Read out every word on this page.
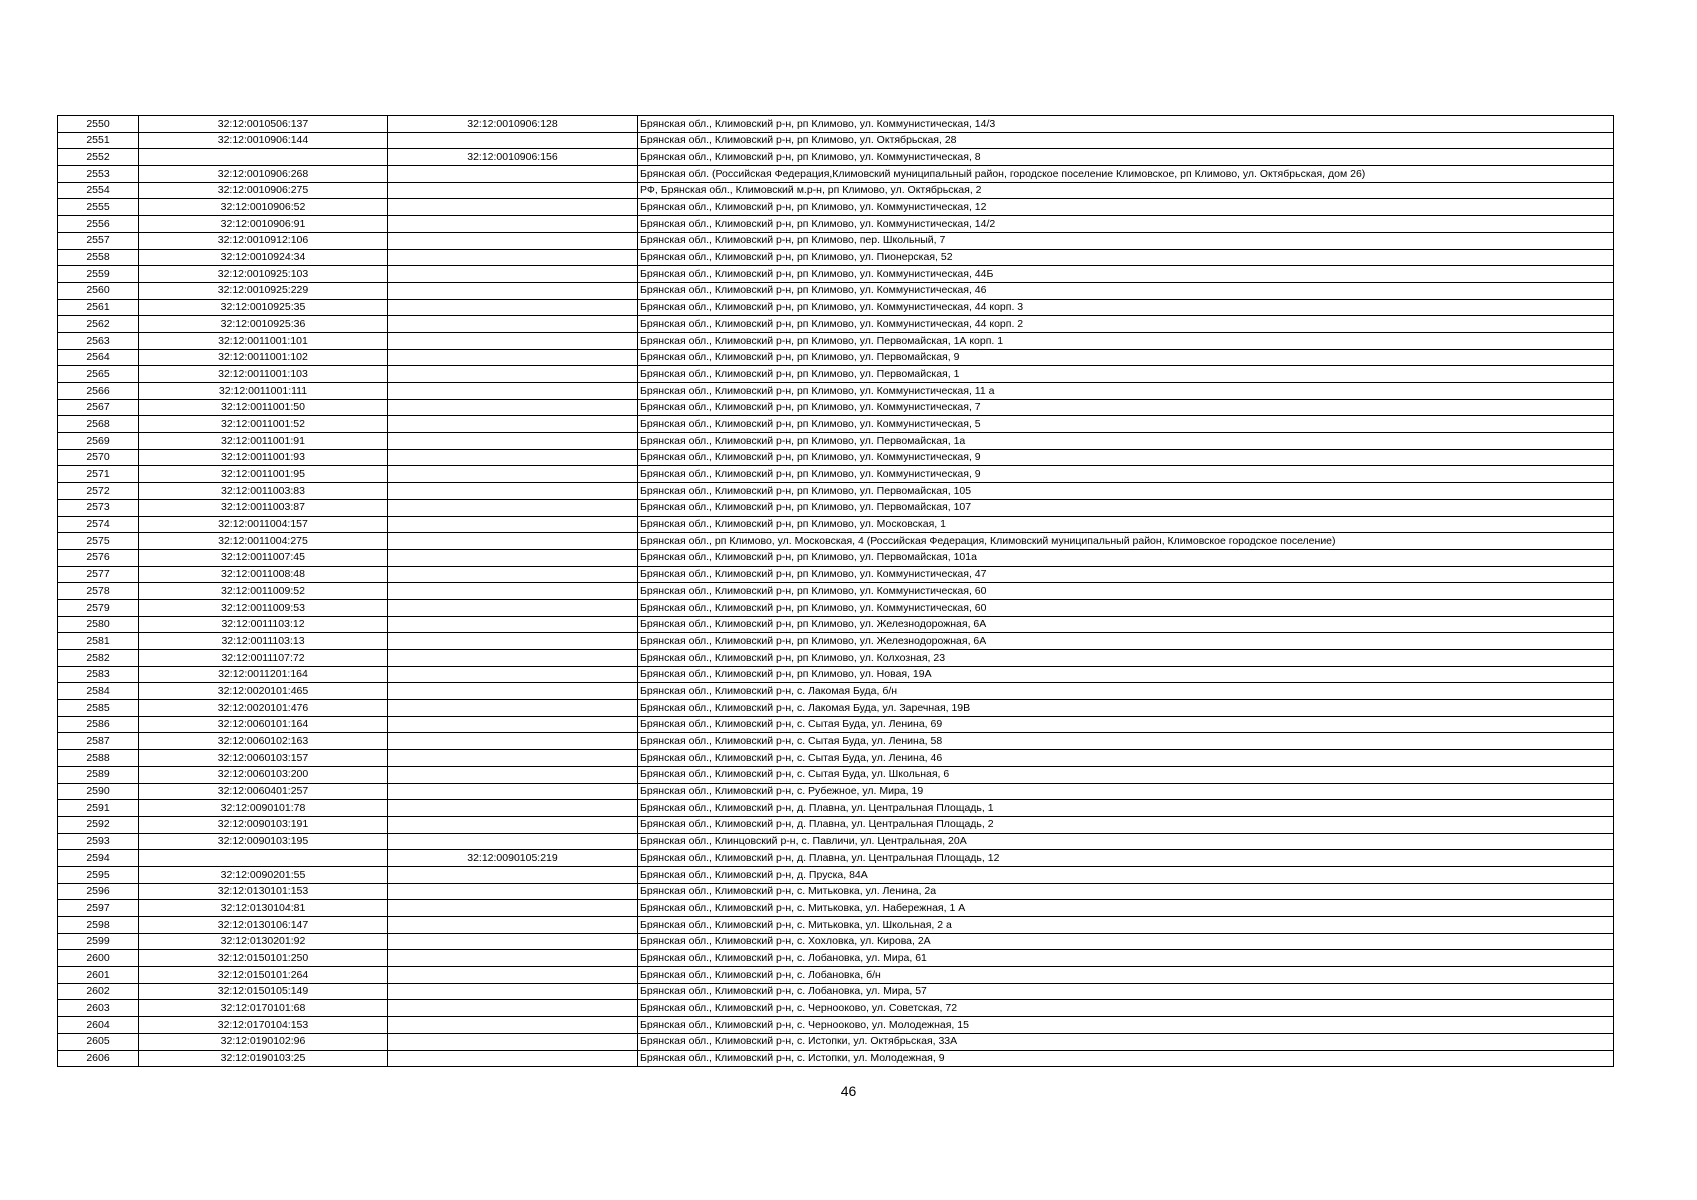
2550	32:12:0010506:137	32:12:0010906:128	Брянская обл., Климовский р-н, рп Климово, ул. Коммунистическая, 14/3
2551	32:12:0010906:144		Брянская обл., Климовский р-н, рп Климово, ул. Октябрьская, 28
2552		32:12:0010906:156	Брянская обл., Климовский р-н, рп Климово, ул. Коммунистическая, 8
2553	32:12:0010906:268		Брянская обл. (Российская Федерация,Климовский муниципальный район, городское поселение Климовское, рп Климово, ул. Октябрьская, дом 26)
2554	32:12:0010906:275		РФ, Брянская обл., Климовский м.р-н, рп Климово, ул. Октябрьская, 2
2555	32:12:0010906:52		Брянская обл., Климовский р-н, рп Климово, ул. Коммунистическая, 12
2556	32:12:0010906:91		Брянская обл., Климовский р-н, рп Климово, ул. Коммунистическая, 14/2
2557	32:12:0010912:106		Брянская обл., Климовский р-н, рп Климово, пер. Школьный, 7
2558	32:12:0010924:34		Брянская обл., Климовский р-н, рп Климово, ул. Пионерская, 52
2559	32:12:0010925:103		Брянская обл., Климовский р-н, рп Климово, ул. Коммунистическая, 44Б
2560	32:12:0010925:229		Брянская обл., Климовский р-н, рп Климово, ул. Коммунистическая, 46
2561	32:12:0010925:35		Брянская обл., Климовский р-н, рп Климово, ул. Коммунистическая, 44 корп. 3
2562	32:12:0010925:36		Брянская обл., Климовский р-н, рп Климово, ул. Коммунистическая, 44 корп. 2
2563	32:12:0011001:101		Брянская обл., Климовский р-н, рп Климово, ул. Первомайская, 1А корп. 1
2564	32:12:0011001:102		Брянская обл., Климовский р-н, рп Климово, ул. Первомайская, 9
2565	32:12:0011001:103		Брянская обл., Климовский р-н, рп Климово, ул. Первомайская, 1
2566	32:12:0011001:111		Брянская обл., Климовский р-н, рп Климово, ул. Коммунистическая, 11 а
2567	32:12:0011001:50		Брянская обл., Климовский р-н, рп Климово, ул. Коммунистическая, 7
2568	32:12:0011001:52		Брянская обл., Климовский р-н, рп Климово, ул. Коммунистическая, 5
2569	32:12:0011001:91		Брянская обл., Климовский р-н, рп Климово, ул. Первомайская, 1а
2570	32:12:0011001:93		Брянская обл., Климовский р-н, рп Климово, ул. Коммунистическая, 9
2571	32:12:0011001:95		Брянская обл., Климовский р-н, рп Климово, ул. Коммунистическая, 9
2572	32:12:0011003:83		Брянская обл., Климовский р-н, рп Климово, ул. Первомайская, 105
2573	32:12:0011003:87		Брянская обл., Климовский р-н, рп Климово, ул. Первомайская, 107
2574	32:12:0011004:157		Брянская обл., Климовский р-н, рп Климово, ул. Московская, 1
2575	32:12:0011004:275		Брянская обл., рп Климово, ул. Московская, 4 (Российская Федерация, Климовский муниципальный район, Климовское городское поселение)
2576	32:12:0011007:45		Брянская обл., Климовский р-н, рп Климово, ул. Первомайская, 101а
2577	32:12:0011008:48		Брянская обл., Климовский р-н, рп Климово, ул. Коммунистическая, 47
2578	32:12:0011009:52		Брянская обл., Климовский р-н, рп Климово, ул. Коммунистическая, 60
2579	32:12:0011009:53		Брянская обл., Климовский р-н, рп Климово, ул. Коммунистическая, 60
2580	32:12:0011103:12		Брянская обл., Климовский р-н, рп Климово, ул. Железнодорожная, 6А
2581	32:12:0011103:13		Брянская обл., Климовский р-н, рп Климово, ул. Железнодорожная, 6А
2582	32:12:0011107:72		Брянская обл., Климовский р-н, рп Климово, ул. Колхозная, 23
2583	32:12:0011201:164		Брянская обл., Климовский р-н, рп Климово, ул. Новая, 19А
2584	32:12:0020101:465		Брянская обл., Климовский р-н, с. Лакомая Буда, б/н
2585	32:12:0020101:476		Брянская обл., Климовский р-н, с. Лакомая Буда, ул. Заречная, 19В
2586	32:12:0060101:164		Брянская обл., Климовский р-н, с. Сытая Буда, ул. Ленина, 69
2587	32:12:0060102:163		Брянская обл., Климовский р-н, с. Сытая Буда, ул. Ленина, 58
2588	32:12:0060103:157		Брянская обл., Климовский р-н, с. Сытая Буда, ул. Ленина, 46
2589	32:12:0060103:200		Брянская обл., Климовский р-н, с. Сытая Буда, ул. Школьная, 6
2590	32:12:0060401:257		Брянская обл., Климовский р-н, с. Рубежное, ул. Мира, 19
2591	32:12:0090101:78		Брянская обл., Климовский р-н, д. Плавна, ул. Центральная Площадь, 1
2592	32:12:0090103:191		Брянская обл., Климовский р-н, д. Плавна, ул. Центральная Площадь, 2
2593	32:12:0090103:195		Брянская обл., Клинцовский р-н, с. Павличи, ул. Центральная, 20А
2594		32:12:0090105:219	Брянская обл., Климовский р-н, д. Плавна, ул. Центральная Площадь, 12
2595	32:12:0090201:55		Брянская обл., Климовский р-н, д. Пруска, 84А
2596	32:12:0130101:153		Брянская обл., Климовский р-н, с. Митьковка, ул. Ленина, 2а
2597	32:12:0130104:81		Брянская обл., Климовский р-н, с. Митьковка, ул. Набережная, 1 А
2598	32:12:0130106:147		Брянская обл., Климовский р-н, с. Митьковка, ул. Школьная, 2 а
2599	32:12:0130201:92		Брянская обл., Климовский р-н, с. Хохловка, ул. Кирова, 2А
2600	32:12:0150101:250		Брянская обл., Климовский р-н, с. Лобановка, ул. Мира, 61
2601	32:12:0150101:264		Брянская обл., Климовский р-н, с. Лобановка, б/н
2602	32:12:0150105:149		Брянская обл., Климовский р-н, с. Лобановка, ул. Мира, 57
2603	32:12:0170101:68		Брянская обл., Климовский р-н, с. Чернооково, ул. Советская, 72
2604	32:12:0170104:153		Брянская обл., Климовский р-н, с. Чернооково, ул. Молодежная, 15
2605	32:12:0190102:96		Брянская обл., Климовский р-н, с. Истопки, ул. Октябрьская, 33А
2606	32:12:0190103:25		Брянская обл., Климовский р-н, с. Истопки, ул. Молодежная, 9
46
